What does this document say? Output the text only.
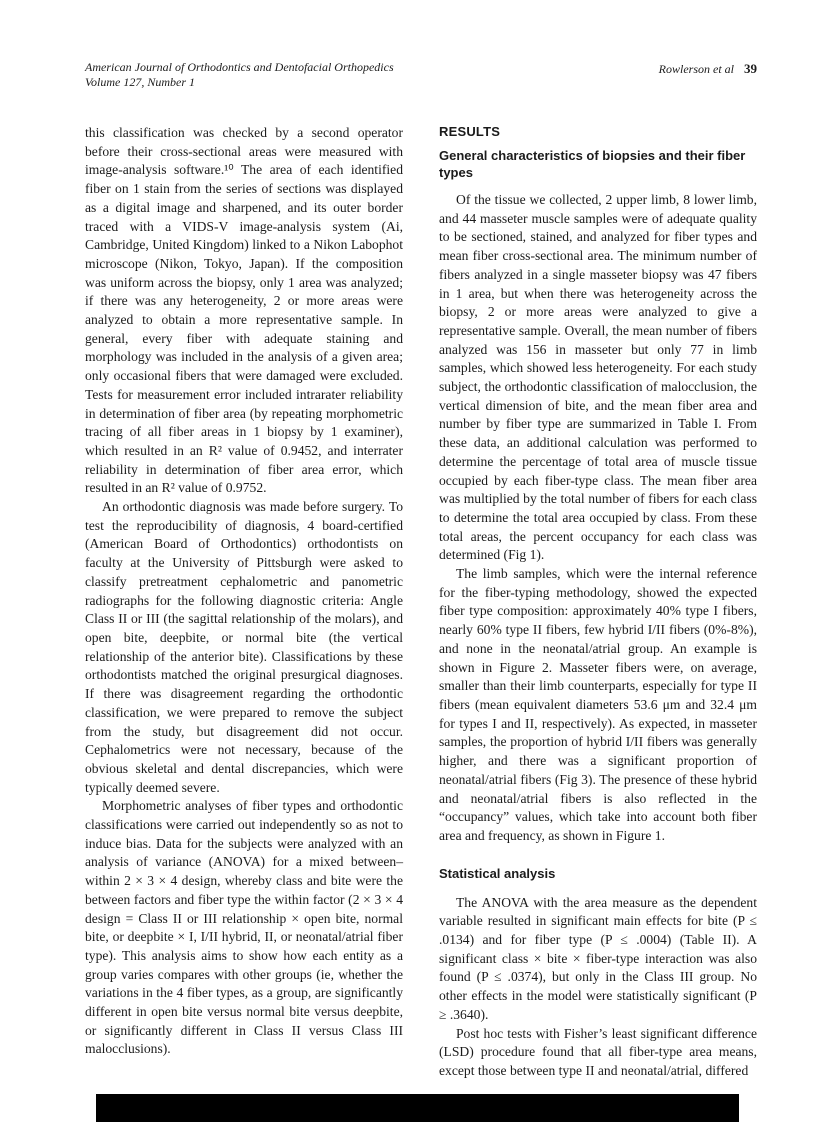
American Journal of Orthodontics and Dentofacial Orthopedics
Volume 127, Number 1
Rowlerson et al 39

this classification was checked by a second operator before their cross-sectional areas were measured with image-analysis software.¹⁰ The area of each identified fiber on 1 stain from the series of sections was displayed as a digital image and sharpened, and its outer border traced with a VIDS-V image-analysis system (Ai, Cambridge, United Kingdom) linked to a Nikon Labophot microscope (Nikon, Tokyo, Japan). If the composition was uniform across the biopsy, only 1 area was analyzed; if there was any heterogeneity, 2 or more areas were analyzed to obtain a more representative sample. In general, every fiber with adequate staining and morphology was included in the analysis of a given area; only occasional fibers that were damaged were excluded. Tests for measurement error included intrarater reliability in determination of fiber area (by repeating morphometric tracing of all fiber areas in 1 biopsy by 1 examiner), which resulted in an R² value of 0.9452, and interrater reliability in determination of fiber area error, which resulted in an R² value of 0.9752.

An orthodontic diagnosis was made before surgery. To test the reproducibility of diagnosis, 4 board-certified (American Board of Orthodontics) orthodontists on faculty at the University of Pittsburgh were asked to classify pretreatment cephalometric and panometric radiographs for the following diagnostic criteria: Angle Class II or III (the sagittal relationship of the molars), and open bite, deepbite, or normal bite (the vertical relationship of the anterior bite). Classifications by these orthodontists matched the original presurgical diagnoses. If there was disagreement regarding the orthodontic classification, we were prepared to remove the subject from the study, but disagreement did not occur. Cephalometrics were not necessary, because of the obvious skeletal and dental discrepancies, which were typically deemed severe.

Morphometric analyses of fiber types and orthodontic classifications were carried out independently so as not to induce bias. Data for the subjects were analyzed with an analysis of variance (ANOVA) for a mixed between–within 2 × 3 × 4 design, whereby class and bite were the between factors and fiber type the within factor (2 × 3 × 4 design = Class II or III relationship × open bite, normal bite, or deepbite × I, I/II hybrid, II, or neonatal/atrial fiber type). This analysis aims to show how each entity as a group varies compares with other groups (ie, whether the variations in the 4 fiber types, as a group, are significantly different in open bite versus normal bite versus deepbite, or significantly different in Class II versus Class III malocclusions).

RESULTS
General characteristics of biopsies and their fiber types

Of the tissue we collected, 2 upper limb, 8 lower limb, and 44 masseter muscle samples were of adequate quality to be sectioned, stained, and analyzed for fiber types and mean fiber cross-sectional area. The minimum number of fibers analyzed in a single masseter biopsy was 47 fibers in 1 area, but when there was heterogeneity across the biopsy, 2 or more areas were analyzed to give a representative sample. Overall, the mean number of fibers analyzed was 156 in masseter but only 77 in limb samples, which showed less heterogeneity. For each study subject, the orthodontic classification of malocclusion, the vertical dimension of bite, and the mean fiber area and number by fiber type are summarized in Table I. From these data, an additional calculation was performed to determine the percentage of total area of muscle tissue occupied by each fiber-type class. The mean fiber area was multiplied by the total number of fibers for each class to determine the total area occupied by class. From these total areas, the percent occupancy for each class was determined (Fig 1).

The limb samples, which were the internal reference for the fiber-typing methodology, showed the expected fiber type composition: approximately 40% type I fibers, nearly 60% type II fibers, few hybrid I/II fibers (0%-8%), and none in the neonatal/atrial group. An example is shown in Figure 2. Masseter fibers were, on average, smaller than their limb counterparts, especially for type II fibers (mean equivalent diameters 53.6 μm and 32.4 μm for types I and II, respectively). As expected, in masseter samples, the proportion of hybrid I/II fibers was generally higher, and there was a significant proportion of neonatal/atrial fibers (Fig 3). The presence of these hybrid and neonatal/atrial fibers is also reflected in the “occupancy” values, which take into account both fiber area and frequency, as shown in Figure 1.

Statistical analysis

The ANOVA with the area measure as the dependent variable resulted in significant main effects for bite (P ≤ .0134) and for fiber type (P ≤ .0004) (Table II). A significant class × bite × fiber-type interaction was also found (P ≤ .0374), but only in the Class III group. No other effects in the model were statistically significant (P ≥ .3640).

Post hoc tests with Fisher’s least significant difference (LSD) procedure found that all fiber-type area means, except those between type II and neonatal/atrial, differed
